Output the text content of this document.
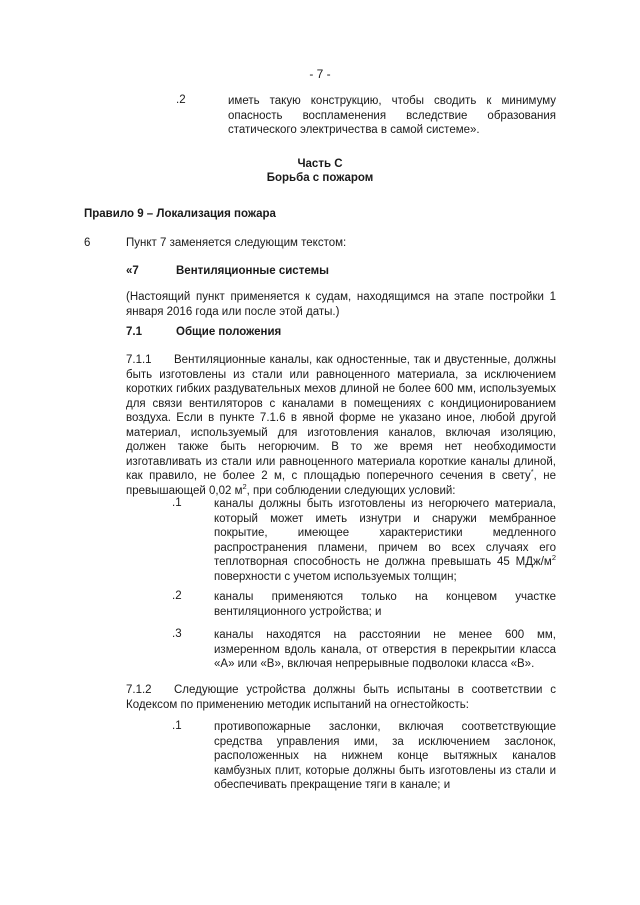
- 7 -
.2	иметь такую конструкцию, чтобы сводить к минимуму опасность воспламенения вследствие образования статического электричества в самой системе».
Часть C
Борьба с пожаром
Правило 9 – Локализация пожара
6	Пункт 7 заменяется следующим текстом:
«7	Вентиляционные системы
(Настоящий пункт применяется к судам, находящимся на этапе постройки 1 января 2016 года или после этой даты.)
7.1	Общие положения
7.1.1 Вентиляционные каналы, как одностенные, так и двустенные, должны быть изготовлены из стали или равноценного материала, за исключением коротких гибких раздувательных мехов длиной не более 600 мм, используемых для связи вентиляторов с каналами в помещениях с кондиционированием воздуха. Если в пункте 7.1.6 в явной форме не указано иное, любой другой материал, используемый для изготовления каналов, включая изоляцию, должен также быть негорючим. В то же время нет необходимости изготавливать из стали или равноценного материала короткие каналы длиной, как правило, не более 2 м, с площадью поперечного сечения в свету*, не превышающей 0,02 $м^2$, при соблюдении следующих условий:
.1	каналы должны быть изготовлены из негорючего материала, который может иметь изнутри и снаружи мембранное покрытие, имеющее характеристики медленного распространения пламени, причем во всех случаях его теплотворная способность не должна превышать 45 МДж/$м^2$ поверхности с учетом используемых толщин;
.2	каналы применяются только на концевом участке вентиляционного устройства; и
.3	каналы находятся на расстоянии не менее 600 мм, измеренном вдоль канала, от отверстия в перекрытии класса «А» или «В», включая непрерывные подволоки класса «В».
7.1.2 Следующие устройства должны быть испытаны в соответствии с Кодексом по применению методик испытаний на огнестойкость:
.1	противопожарные заслонки, включая соответствующие средства управления ими, за исключением заслонок, расположенных на нижнем конце вытяжных каналов камбузных плит, которые должны быть изготовлены из стали и обеспечивать прекращение тяги в канале; и
